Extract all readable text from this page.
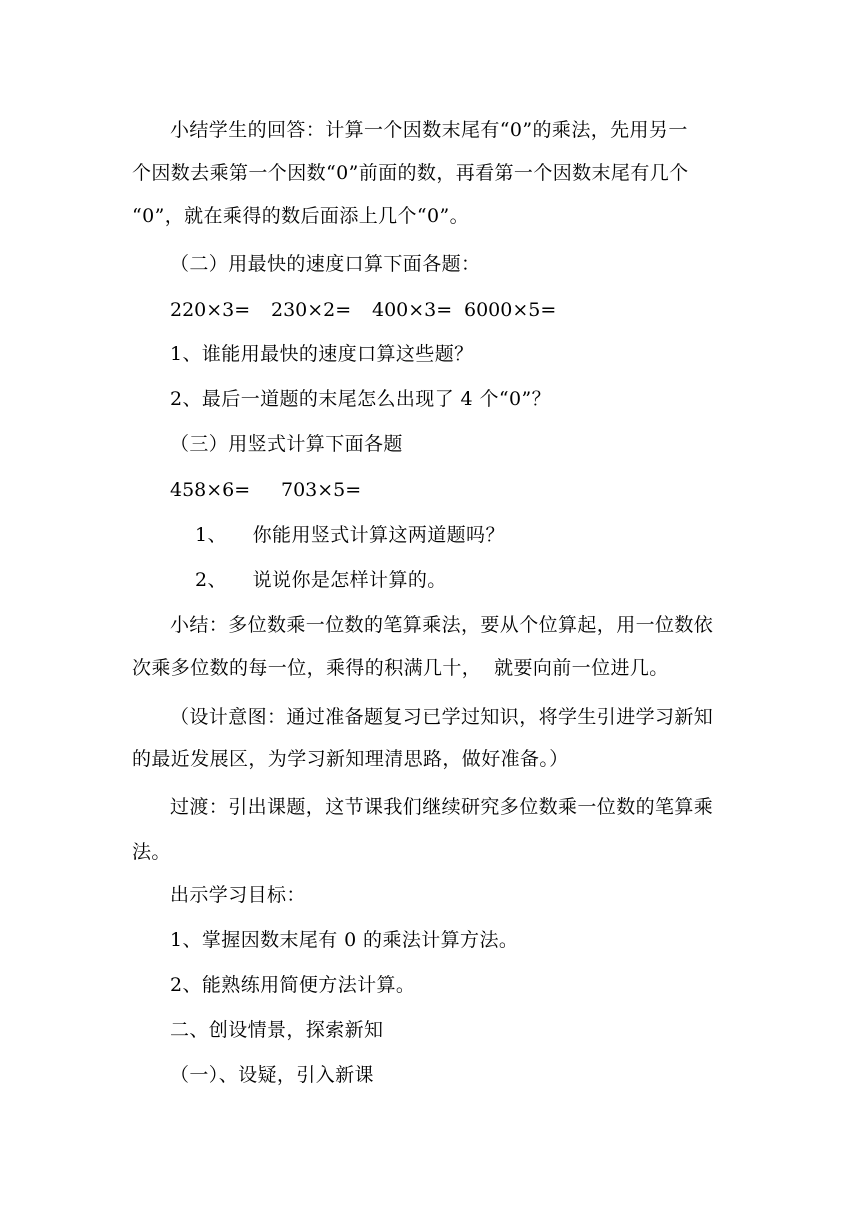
小结学生的回答：计算一个因数末尾有“0”的乘法，先用另一
个因数去乘第一个因数“0”前面的数，再看第一个因数末尾有几个
“0”，就在乘得的数后面添上几个“0”。
（二）用最快的速度口算下面各题：
220×3= 230×2= 400×3= 6000×5=
1、谁能用最快的速度口算这些题？
2、最后一道题的末尾怎么出现了 4 个“0”？
（三）用竖式计算下面各题
458×6= 703×5=
1、    你能用竖式计算这两道题吗？
2、    说说你是怎样计算的。
小结：多位数乘一位数的笔算乘法，要从个位算起，用一位数依
次乘多位数的每一位，乘得的积满几十，  就要向前一位进几。
（设计意图：通过准备题复习已学过知识，将学生引进学习新知
的最近发展区，为学习新知理清思路，做好准备。）
过渡：引出课题，这节课我们继续研究多位数乘一位数的笔算乘
法。
出示学习目标：
1、掌握因数末尾有 0 的乘法计算方法。
2、能熟练用简便方法计算。
二、创设情景，探索新知
（一）、设疑，引入新课
